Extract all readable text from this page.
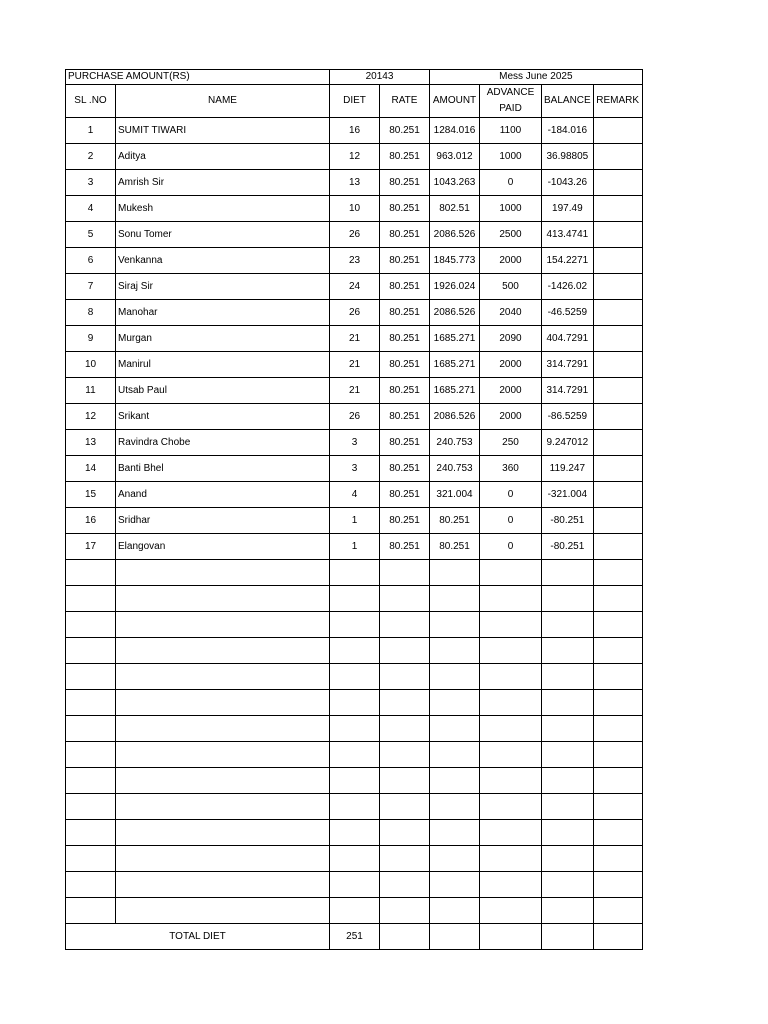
PURCHASE AMOUNT(RS)		20143		Mess June 2025			
SL .NO	NAME	DIET	RATE	AMOUNT	ADVANCE PAID	BALANCE	REMARK
1	SUMIT TIWARI	16	80.251	1284.016	1100	-184.016	
2	Aditya	12	80.251	963.012	1000	36.98805	
3	Amrish Sir	13	80.251	1043.263	0	-1043.26	
4	Mukesh	10	80.251	802.51	1000	197.49	
5	Sonu Tomer	26	80.251	2086.526	2500	413.4741	
6	Venkanna	23	80.251	1845.773	2000	154.2271	
7	Siraj Sir	24	80.251	1926.024	500	-1426.02	
8	Manohar	26	80.251	2086.526	2040	-46.5259	
9	Murgan	21	80.251	1685.271	2090	404.7291	
10	Manirul	21	80.251	1685.271	2000	314.7291	
11	Utsab Paul	21	80.251	1685.271	2000	314.7291	
12	Srikant	26	80.251	2086.526	2000	-86.5259	
13	Ravindra Chobe	3	80.251	240.753	250	9.247012	
14	Banti Bhel	3	80.251	240.753	360	119.247	
15	Anand	4	80.251	321.004	0	-321.004	
16	Sridhar	1	80.251	80.251	0	-80.251	
17	Elangovan	1	80.251	80.251	0	-80.251	

TOTAL DIET		251					
